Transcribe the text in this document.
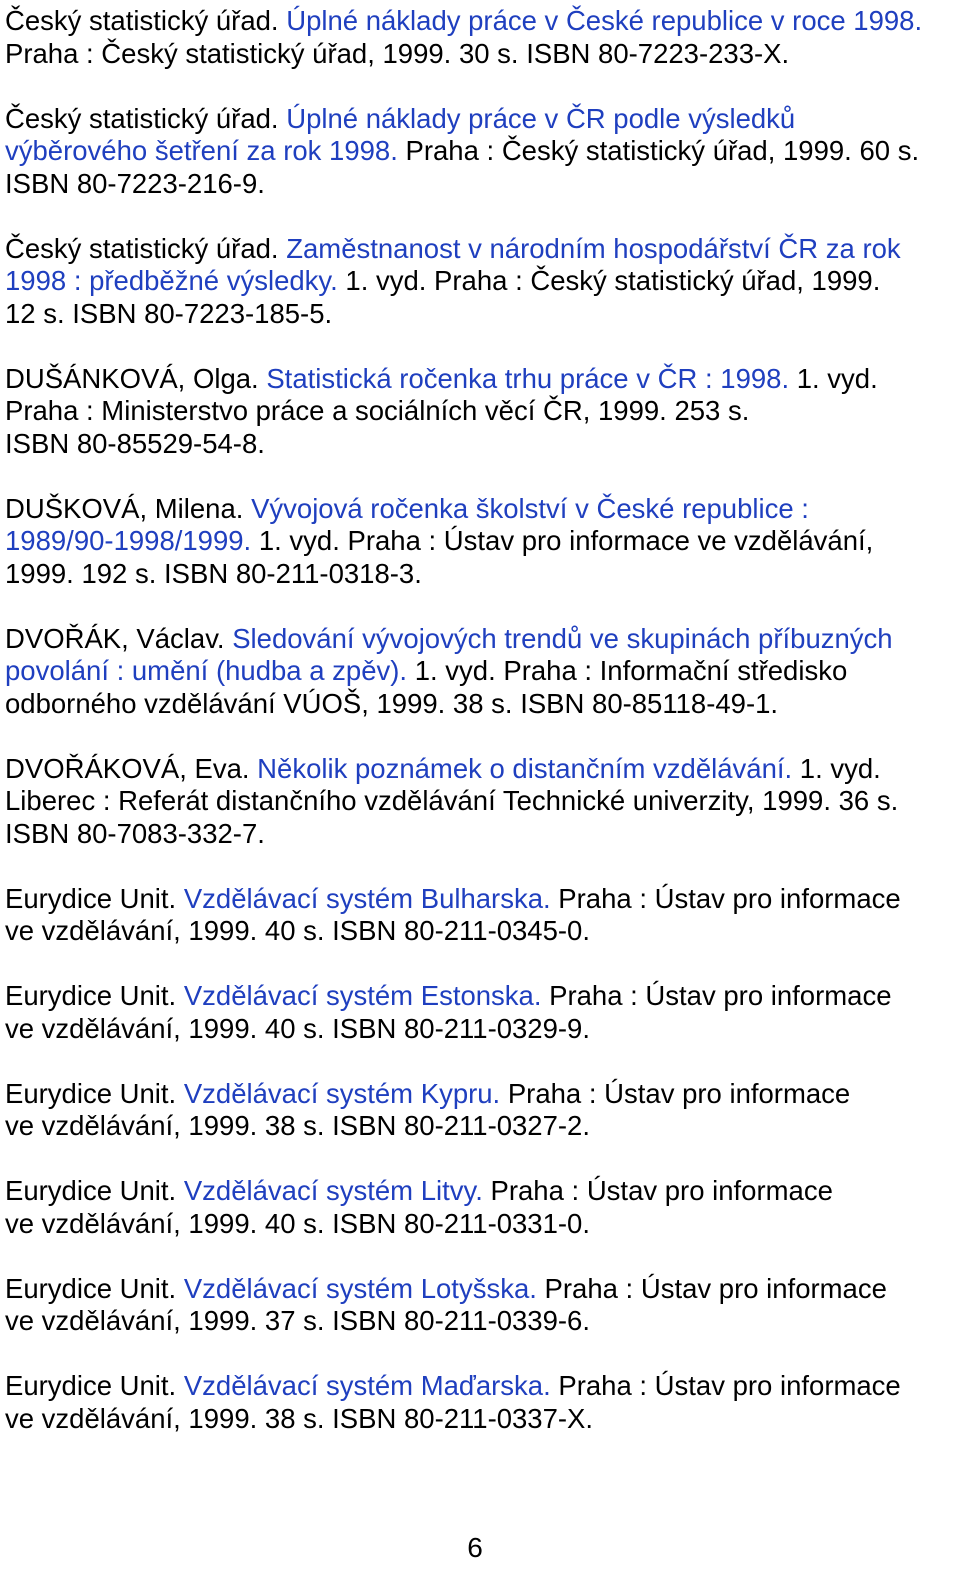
Český statistický úřad. Úplné náklady práce v České republice v roce 1998.
Praha : Český statistický úřad, 1999. 30 s. ISBN 80-7223-233-X.
Český statistický úřad. Úplné náklady práce v ČR podle výsledků
výběrového šetření za rok 1998. Praha : Český statistický úřad, 1999. 60 s.
ISBN 80-7223-216-9.
Český statistický úřad. Zaměstnanost v národním hospodářství ČR za rok
1998 : předběžné výsledky. 1. vyd. Praha : Český statistický úřad, 1999.
12 s. ISBN 80-7223-185-5.
DUŠÁNKOVÁ, Olga. Statistická ročenka trhu práce v ČR : 1998. 1. vyd.
Praha : Ministerstvo práce a sociálních věcí ČR, 1999. 253 s.
ISBN 80-85529-54-8.
DUŠKOVÁ, Milena. Vývojová ročenka školství v České republice :
1989/90-1998/1999. 1. vyd. Praha : Ústav pro informace ve vzdělávání,
1999. 192 s. ISBN 80-211-0318-3.
DVOŘÁK, Václav. Sledování vývojových trendů ve skupinách příbuzných
povolání : umění (hudba a zpěv). 1. vyd. Praha : Informační středisko
odborného vzdělávání VÚOŠ, 1999. 38 s. ISBN 80-85118-49-1.
DVOŘÁKOVÁ, Eva. Několik poznámek o distančním vzdělávání. 1. vyd.
Liberec : Referát distančního vzdělávání Technické univerzity, 1999. 36 s.
ISBN 80-7083-332-7.
Eurydice Unit. Vzdělávací systém Bulharska. Praha : Ústav pro informace
ve vzdělávání, 1999. 40 s. ISBN 80-211-0345-0.
Eurydice Unit. Vzdělávací systém Estonska. Praha : Ústav pro informace
ve vzdělávání, 1999. 40 s. ISBN 80-211-0329-9.
Eurydice Unit. Vzdělávací systém Kypru. Praha : Ústav pro informace
ve vzdělávání, 1999. 38 s. ISBN 80-211-0327-2.
Eurydice Unit. Vzdělávací systém Litvy. Praha : Ústav pro informace
ve vzdělávání, 1999. 40 s. ISBN 80-211-0331-0.
Eurydice Unit. Vzdělávací systém Lotyšska. Praha : Ústav pro informace
ve vzdělávání, 1999. 37 s. ISBN 80-211-0339-6.
Eurydice Unit. Vzdělávací systém Maďarska. Praha : Ústav pro informace
ve vzdělávání, 1999. 38 s. ISBN 80-211-0337-X.
6
